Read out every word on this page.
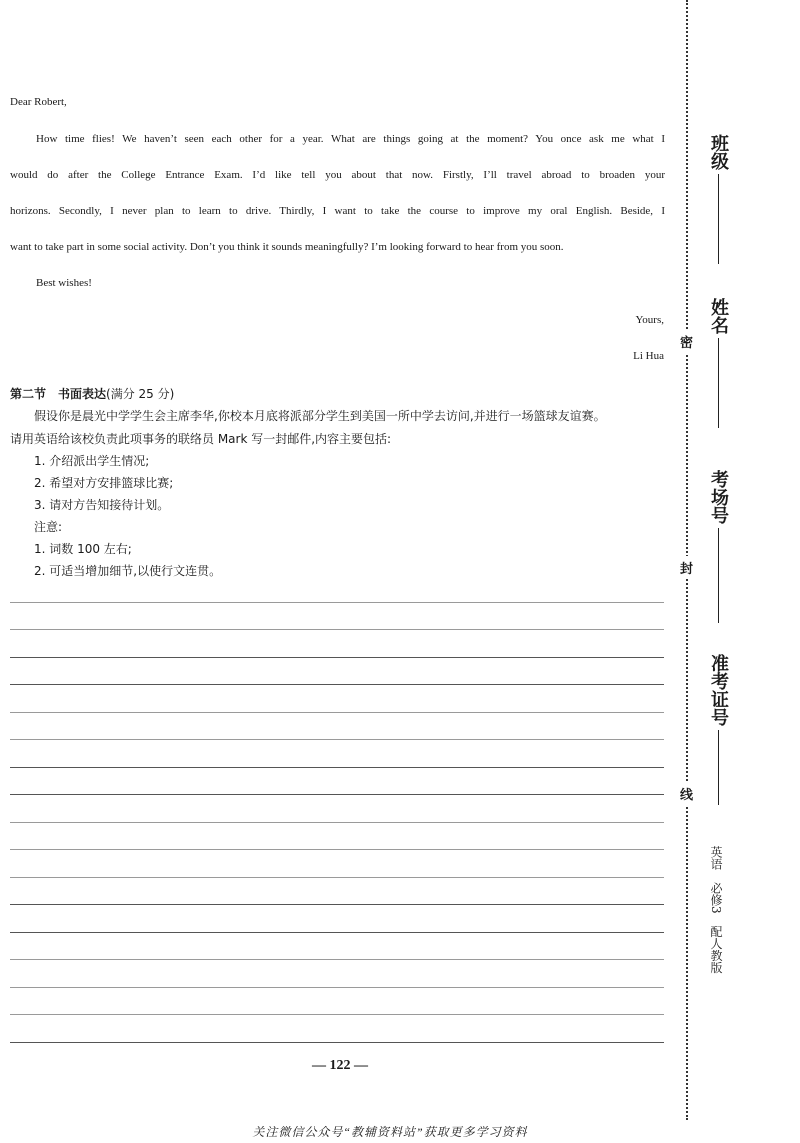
Dear Robert,
How time flies! We haven’t seen each other for a year. What are things going at the moment? You once ask me what I
would do after the College Entrance Exam. I’d like tell you about that now. Firstly, I’ll travel abroad to broaden your
horizons. Secondly, I never plan to learn to drive. Thirdly, I want to take the course to improve my oral English. Beside, I
want to take part in some social activity. Don’t you think it sounds meaningfully? I’m looking forward to hear from you soon.
Best wishes!
Yours,
Li Hua
第二节　书面表达(满分 25 分)
假设你是晨光中学学生会主席李华,你校本月底将派部分学生到美国一所中学去访问,并进行一场篮球友谊赛。
请用英语给该校负责此项事务的联络员 Mark 写一封邮件,内容主要包括:
1. 介绍派出学生情况;
2. 希望对方安排篮球比赛;
3. 请对方告知接待计划。
注意:
1. 词数 100 左右;
2. 可适当增加细节,以使行文连贯。
— 122 —
关注微信公众号“教辅资料站”获取更多学习资料
密
封
线
班级
姓名
考场号
准考证号
英语　必修3　配人教版
